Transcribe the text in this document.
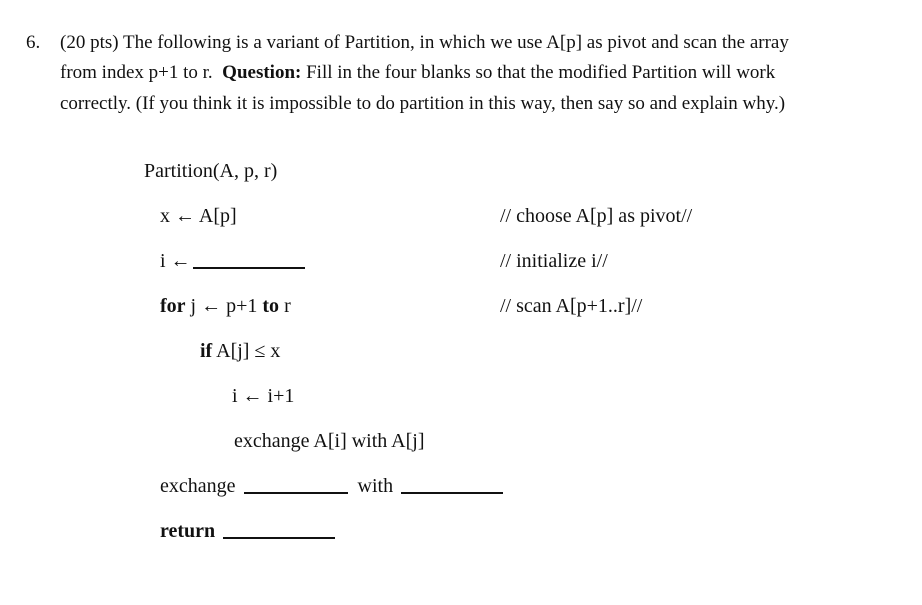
6. (20 pts) The following is a variant of Partition, in which we use A[p] as pivot and scan the array
from index p+1 to r. Question: Fill in the four blanks so that the modified Partition will work
correctly. (If you think it is impossible to do partition in this way, then say so and explain why.)
Partition(A, p, r)
x ← A[p]	// choose A[p] as pivot//
i ←	// initialize i//
for j ← p+1 to r	// scan A[p+1..r]//
if A[j] ≤ x
i ← i+1
exchange A[i] with A[j]
exchange	with
return
